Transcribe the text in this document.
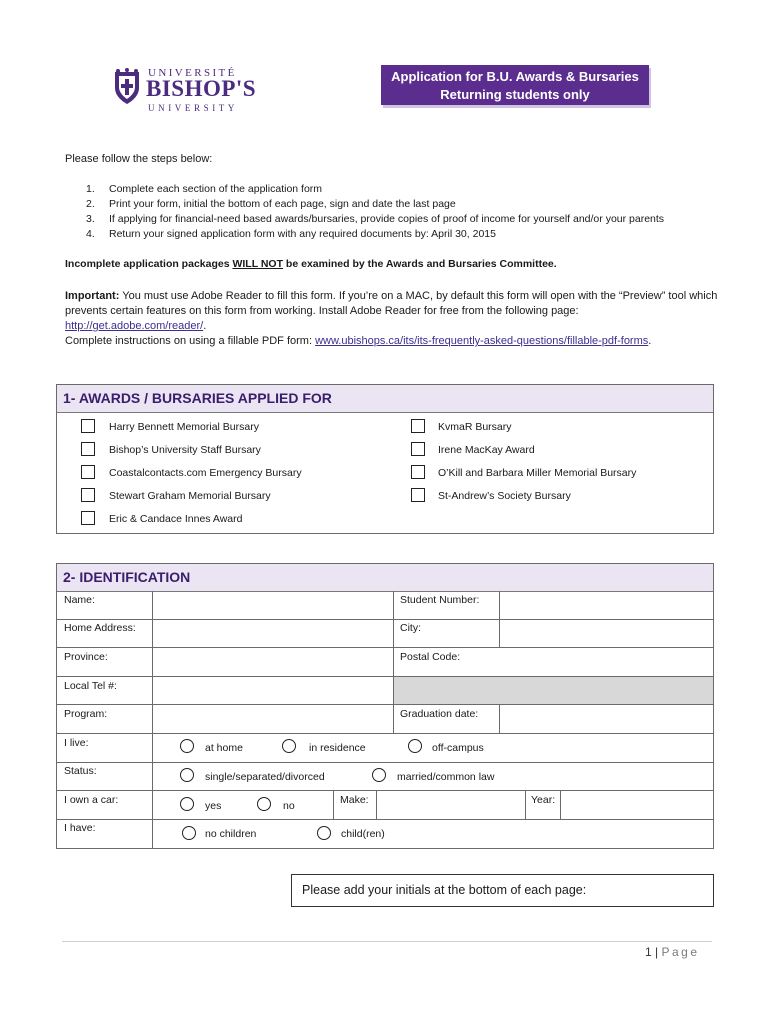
UNIVERSITÉ
BISHOP'S
UNIVERSITY
Application for B.U. Awards & Bursaries
Returning students only
Please follow the steps below:
1. Complete each section of the application form
2. Print your form, initial the bottom of each page, sign and date the last page
3. If applying for financial-need based awards/bursaries, provide copies of proof of income for yourself and/or your parents
4. Return your signed application form with any required documents by: April 30, 2015
Incomplete application packages WILL NOT be examined by the Awards and Bursaries Committee.
Important: You must use Adobe Reader to fill this form. If you’re on a MAC, by default this form will open with the “Preview” tool which prevents certain features on this form from working. Install Adobe Reader for free from the following page:
http://get.adobe.com/reader/.
Complete instructions on using a fillable PDF form: www.ubishops.ca/its/its-frequently-asked-questions/fillable-pdf-forms.
1- AWARDS / BURSARIES APPLIED FOR
Harry Bennett Memorial Bursary
Bishop’s University Staff Bursary
Coastalcontacts.com Emergency Bursary
Stewart Graham Memorial Bursary
Eric & Candace Innes Award
KvmaR Bursary
Irene MacKay Award
O’Kill and Barbara Miller Memorial Bursary
St-Andrew’s Society Bursary
2- IDENTIFICATION
Name:	Student Number:
Home Address:	City:
Province:	Postal Code:
Local Tel #:
Program:	Graduation date:
I live:	at home	in residence	off-campus
Status:	single/separated/divorced	married/common law
I own a car:	yes	no	Make:	Year:
I have:	no children	child(ren)
Please add your initials at the bottom of each page:
1 | Page
